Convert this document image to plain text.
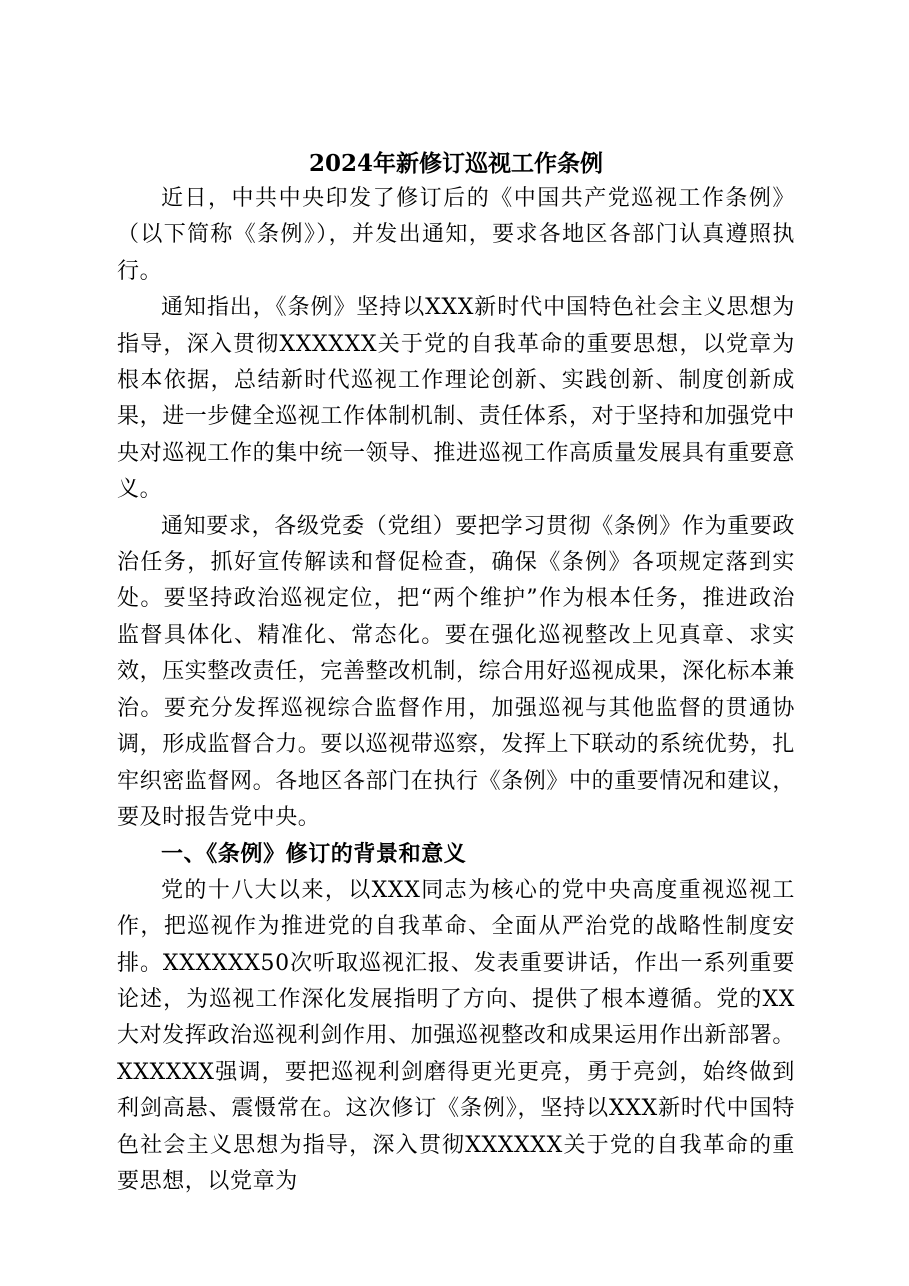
2024年新修订巡视工作条例

近日，中共中央印发了修订后的《中国共产党巡视工作条例》（以下简称《条例》），并发出通知，要求各地区各部门认真遵照执行。

通知指出，《条例》坚持以XXX新时代中国特色社会主义思想为指导，深入贯彻XXXXXX关于党的自我革命的重要思想，以党章为根本依据，总结新时代巡视工作理论创新、实践创新、制度创新成果，进一步健全巡视工作体制机制、责任体系，对于坚持和加强党中央对巡视工作的集中统一领导、推进巡视工作高质量发展具有重要意义。

通知要求，各级党委（党组）要把学习贯彻《条例》作为重要政治任务，抓好宣传解读和督促检查，确保《条例》各项规定落到实处。要坚持政治巡视定位，把“两个维护”作为根本任务，推进政治监督具体化、精准化、常态化。要在强化巡视整改上见真章、求实效，压实整改责任，完善整改机制，综合用好巡视成果，深化标本兼治。要充分发挥巡视综合监督作用，加强巡视与其他监督的贯通协调，形成监督合力。要以巡视带巡察，发挥上下联动的系统优势，扎牢织密监督网。各地区各部门在执行《条例》中的重要情况和建议，要及时报告党中央。

一、《条例》修订的背景和意义

党的十八大以来，以XXX同志为核心的党中央高度重视巡视工作，把巡视作为推进党的自我革命、全面从严治党的战略性制度安排。XXXXXX50次听取巡视汇报、发表重要讲话，作出一系列重要论述，为巡视工作深化发展指明了方向、提供了根本遵循。党的XX大对发挥政治巡视利剑作用、加强巡视整改和成果运用作出新部署。XXXXXX强调，要把巡视利剑磨得更光更亮，勇于亮剑，始终做到利剑高悬、震慑常在。这次修订《条例》，坚持以XXX新时代中国特色社会主义思想为指导，深入贯彻XXXXXX关于党的自我革命的重要思想，以党章为
